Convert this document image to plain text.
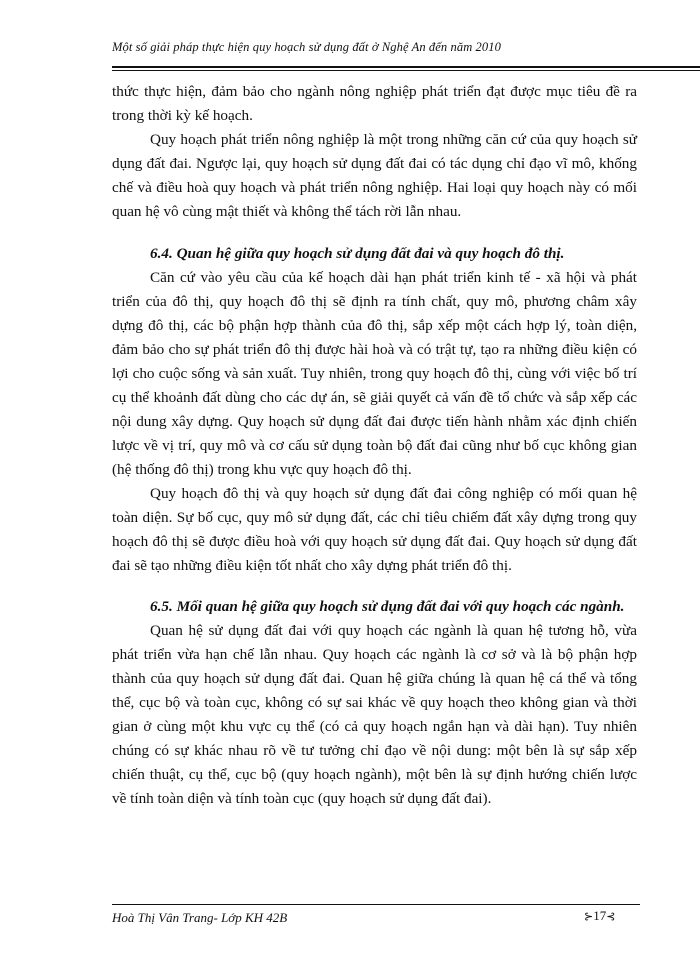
Một số giải pháp thực hiện quy hoạch sử dụng đất ở Nghệ An đến năm 2010

thức thực hiện, đảm bảo cho ngành nông nghiệp phát triển đạt được mục tiêu đề ra trong thời kỳ kế hoạch.

Quy hoạch phát triển nông nghiệp là một trong những căn cứ của quy hoạch sử dụng đất đai. Ngược lại, quy hoạch sử dụng đất đai có tác dụng chỉ đạo vĩ mô, khống chế và điều hoà quy hoạch và phát triển nông nghiệp. Hai loại quy hoạch này có mối quan hệ vô cùng mật thiết và không thể tách rời lẫn nhau.

6.4. Quan hệ giữa quy hoạch sử dụng đất đai và quy hoạch đô thị.

Căn cứ vào yêu cầu của kế hoạch dài hạn phát triển kinh tế - xã hội và phát triển của đô thị, quy hoạch đô thị sẽ định ra tính chất, quy mô, phương châm xây dựng đô thị, các bộ phận hợp thành của đô thị, sắp xếp một cách hợp lý, toàn diện, đảm bảo cho sự phát triển đô thị được hài hoà và có trật tự, tạo ra những điều kiện có lợi cho cuộc sống và sản xuất. Tuy nhiên, trong quy hoạch đô thị, cùng với việc bố trí cụ thể khoảnh đất dùng cho các dự án, sẽ giải quyết cả vấn đề tổ chức và sắp xếp các nội dung xây dựng. Quy hoạch sử dụng đất đai được tiến hành nhằm xác định chiến lược về vị trí, quy mô và cơ cấu sử dụng toàn bộ đất đai cũng như bố cục không gian (hệ thống đô thị) trong khu vực quy hoạch đô thị.

Quy hoạch đô thị và quy hoạch sử dụng đất đai công nghiệp có mối quan hệ toàn diện. Sự bố cục, quy mô sử dụng đất, các chỉ tiêu chiếm đất xây dựng trong quy hoạch đô thị sẽ được điều hoà với quy hoạch sử dụng đất đai. Quy hoạch sử dụng đất đai sẽ tạo những điều kiện tốt nhất cho xây dựng phát triển đô thị.

6.5. Mối quan hệ giữa quy hoạch sử dụng đất đai với quy hoạch các ngành.

Quan hệ sử dụng đất đai với quy hoạch các ngành là quan hệ tương hỗ, vừa phát triển vừa hạn chế lẫn nhau. Quy hoạch các ngành là cơ sở và là bộ phận hợp thành của quy hoạch sử dụng đất đai. Quan hệ giữa chúng là quan hệ cá thể và tổng thể, cục bộ và toàn cục, không có sự sai khác về quy hoạch theo không gian và thời gian ở cùng một khu vực cụ thể (có cả quy hoạch ngắn hạn và dài hạn). Tuy nhiên chúng có sự khác nhau rõ về tư tưởng chỉ đạo về nội dung: một bên là sự sắp xếp chiến thuật, cụ thể, cục bộ (quy hoạch ngành), một bên là sự định hướng chiến lược về tính toàn diện và tính toàn cục (quy hoạch sử dụng đất đai).

Hoà Thị Vân Trang- Lớp KH 42B	⊱17⊰
